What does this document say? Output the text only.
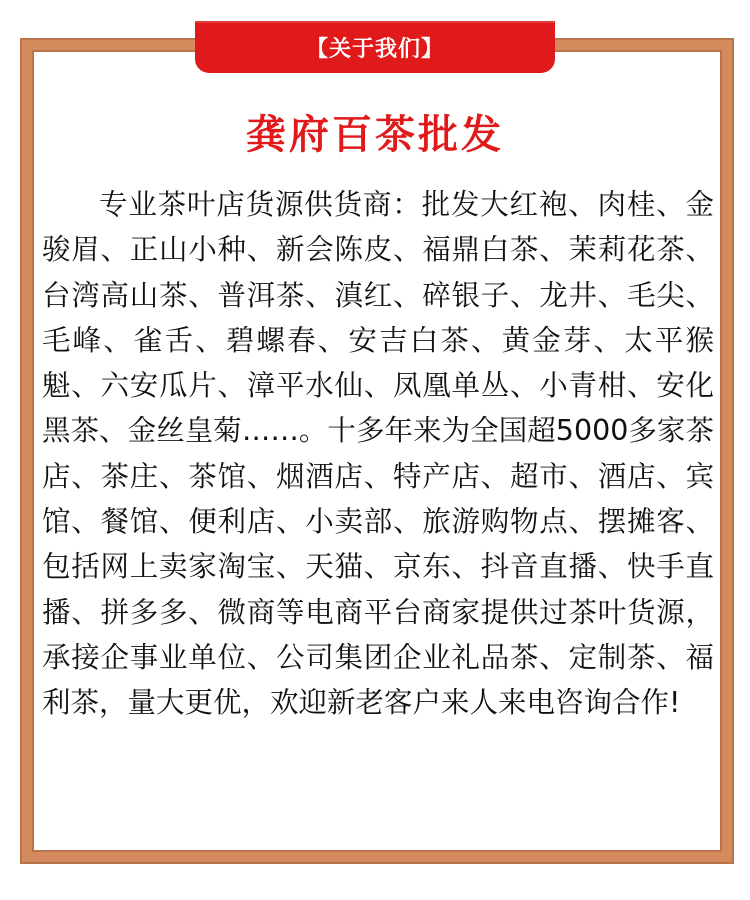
【关于我们】
龚府百茶批发
专业茶叶店货源供货商：批发大红袍、肉桂、金骏眉、正山小种、新会陈皮、福鼎白茶、茉莉花茶、台湾高山茶、普洱茶、滇红、碎银子、龙井、毛尖、毛峰、雀舌、碧螺春、安吉白茶、黄金芽、太平猴魁、六安瓜片、漳平水仙、凤凰单丛、小青柑、安化黑茶、金丝皇菊……。十多年来为全国超5000多家茶店、茶庄、茶馆、烟酒店、特产店、超市、酒店、宾馆、餐馆、便利店、小卖部、旅游购物点、摆摊客、包括网上卖家淘宝、天猫、京东、抖音直播、快手直播、拼多多、微商等电商平台商家提供过茶叶货源，承接企事业单位、公司集团企业礼品茶、定制茶、福利茶，量大更优，欢迎新老客户来人来电咨询合作!
